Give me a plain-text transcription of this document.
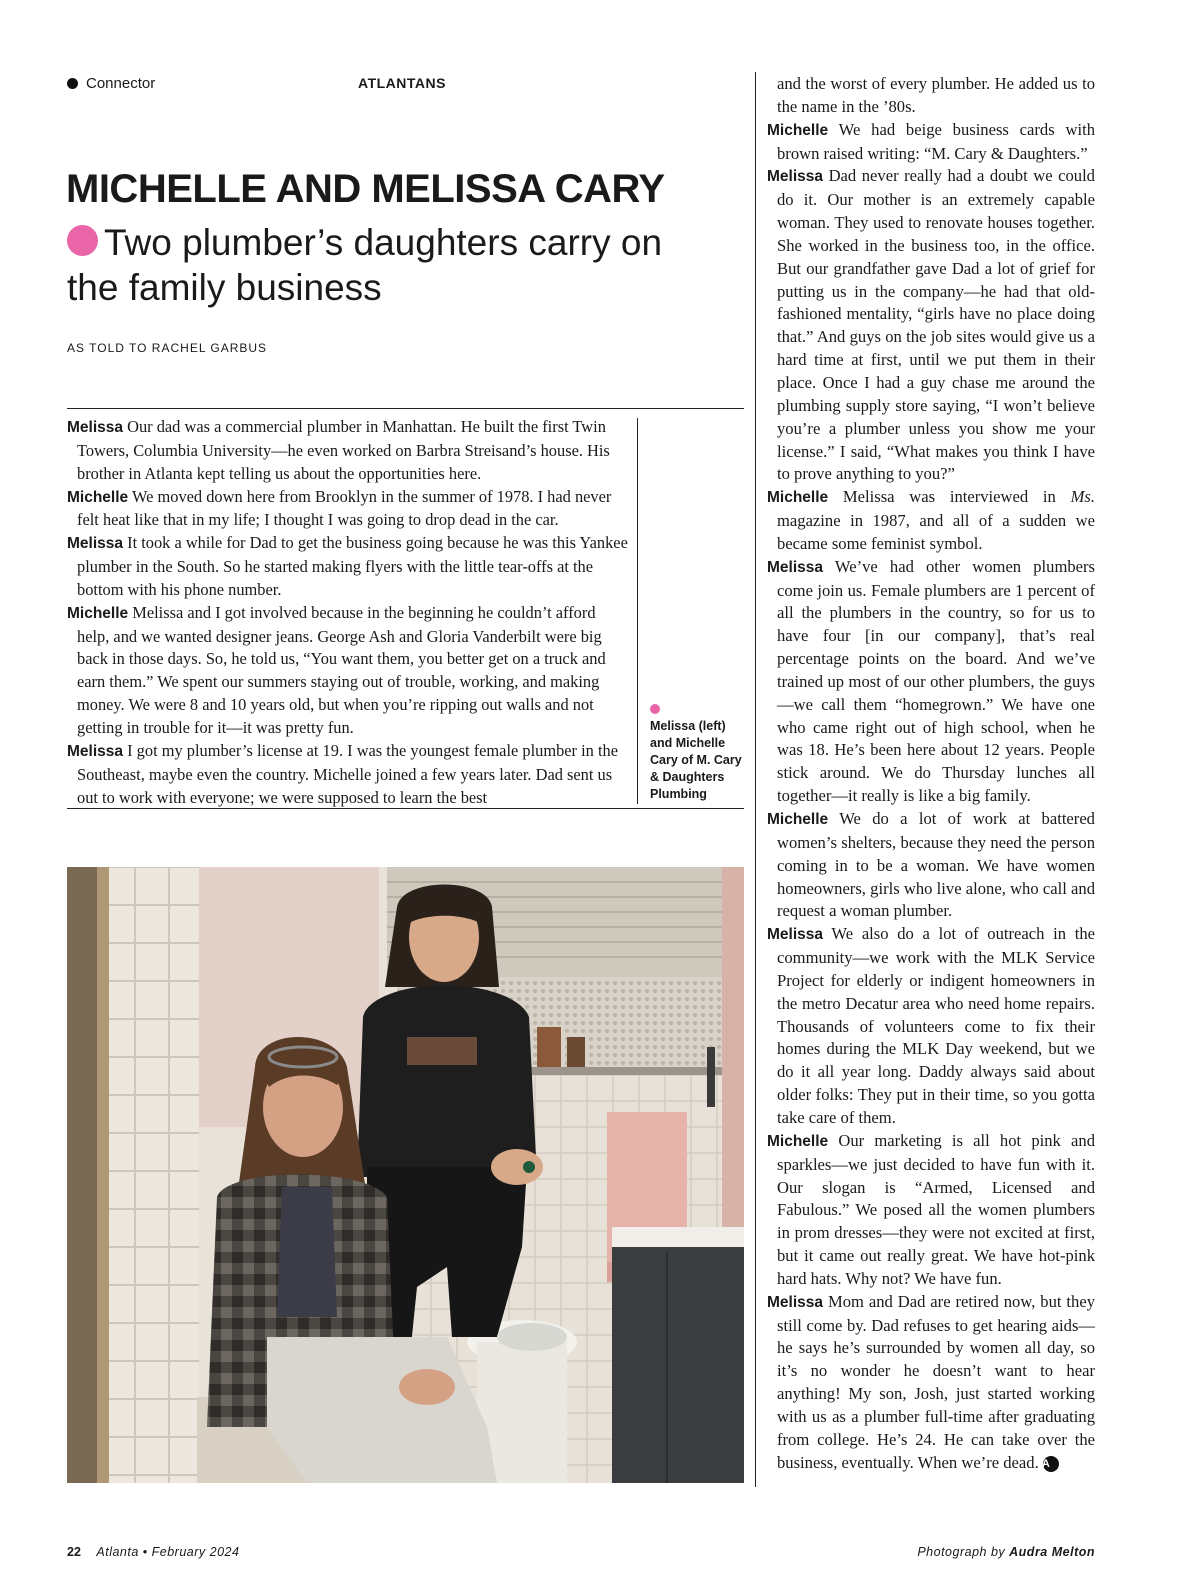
Connector	ATLANTANS
MICHELLE AND MELISSA CARY
Two plumber’s daughters carry on the family business
AS TOLD TO RACHEL GARBUS

Melissa Our dad was a commercial plumber in Manhattan. He built the first Twin Towers, Columbia University—he even worked on Barbra Streisand’s house. His brother in Atlanta kept telling us about the opportunities here.

Michelle We moved down here from Brooklyn in the summer of 1978. I had never felt heat like that in my life; I thought I was going to drop dead in the car.

Melissa It took a while for Dad to get the business going because he was this Yankee plumber in the South. So he started making flyers with the little tear-offs at the bottom with his phone number.

Michelle Melissa and I got involved because in the beginning he couldn’t afford help, and we wanted designer jeans. George Ash and Gloria Vanderbilt were big back in those days. So, he told us, “You want them, you better get on a truck and earn them.” We spent our summers staying out of trouble, working, and making money. We were 8 and 10 years old, but when you’re ripping out walls and not getting in trouble for it—it was pretty fun.

Melissa I got my plumber’s license at 19. I was the youngest female plumber in the Southeast, maybe even the country. Michelle joined a few years later. Dad sent us out to work with everyone; we were supposed to learn the best

Melissa (left) and Michelle Cary of M. Cary & Daughters Plumbing

and the worst of every plumber. He added us to the name in the ’80s.

Michelle We had beige business cards with brown raised writing: “M. Cary & Daughters.”

Melissa Dad never really had a doubt we could do it. Our mother is an extremely capable woman. They used to renovate houses together. She worked in the business too, in the office. But our grandfather gave Dad a lot of grief for putting us in the company—he had that old-fashioned mentality, “girls have no place doing that.” And guys on the job sites would give us a hard time at first, until we put them in their place. Once I had a guy chase me around the plumbing supply store saying, “I won’t believe you’re a plumber unless you show me your license.” I said, “What makes you think I have to prove anything to you?”

Michelle Melissa was interviewed in Ms. magazine in 1987, and all of a sudden we became some feminist symbol.

Melissa We’ve had other women plumbers come join us. Female plumbers are 1 percent of all the plumbers in the country, so for us to have four [in our company], that’s real percentage points on the board. And we’ve trained up most of our other plumbers, the guys—we call them “homegrown.” We have one who came right out of high school, when he was 18. He’s been here about 12 years. People stick around. We do Thursday lunches all together—it really is like a big family.

Michelle We do a lot of work at battered women’s shelters, because they need the person coming in to be a woman. We have women homeowners, girls who live alone, who call and request a woman plumber.

Melissa We also do a lot of outreach in the community—we work with the MLK Service Project for elderly or indigent homeowners in the metro Decatur area who need home repairs. Thousands of volunteers come to fix their homes during the MLK Day weekend, but we do it all year long. Daddy always said about older folks: They put in their time, so you gotta take care of them.

Michelle Our marketing is all hot pink and sparkles—we just decided to have fun with it. Our slogan is “Armed, Licensed and Fabulous.” We posed all the women plumbers in prom dresses—they were not excited at first, but it came out really great. We have hot-pink hard hats. Why not? We have fun.

Melissa Mom and Dad are retired now, but they still come by. Dad refuses to get hearing aids—he says he’s surrounded by women all day, so it’s no wonder he doesn’t want to hear anything! My son, Josh, just started working with us as a plumber full-time after graduating from college. He’s 24. He can take over the business, eventually. When we’re dead. A

22 Atlanta • February 2024	Photograph by Audra Melton
